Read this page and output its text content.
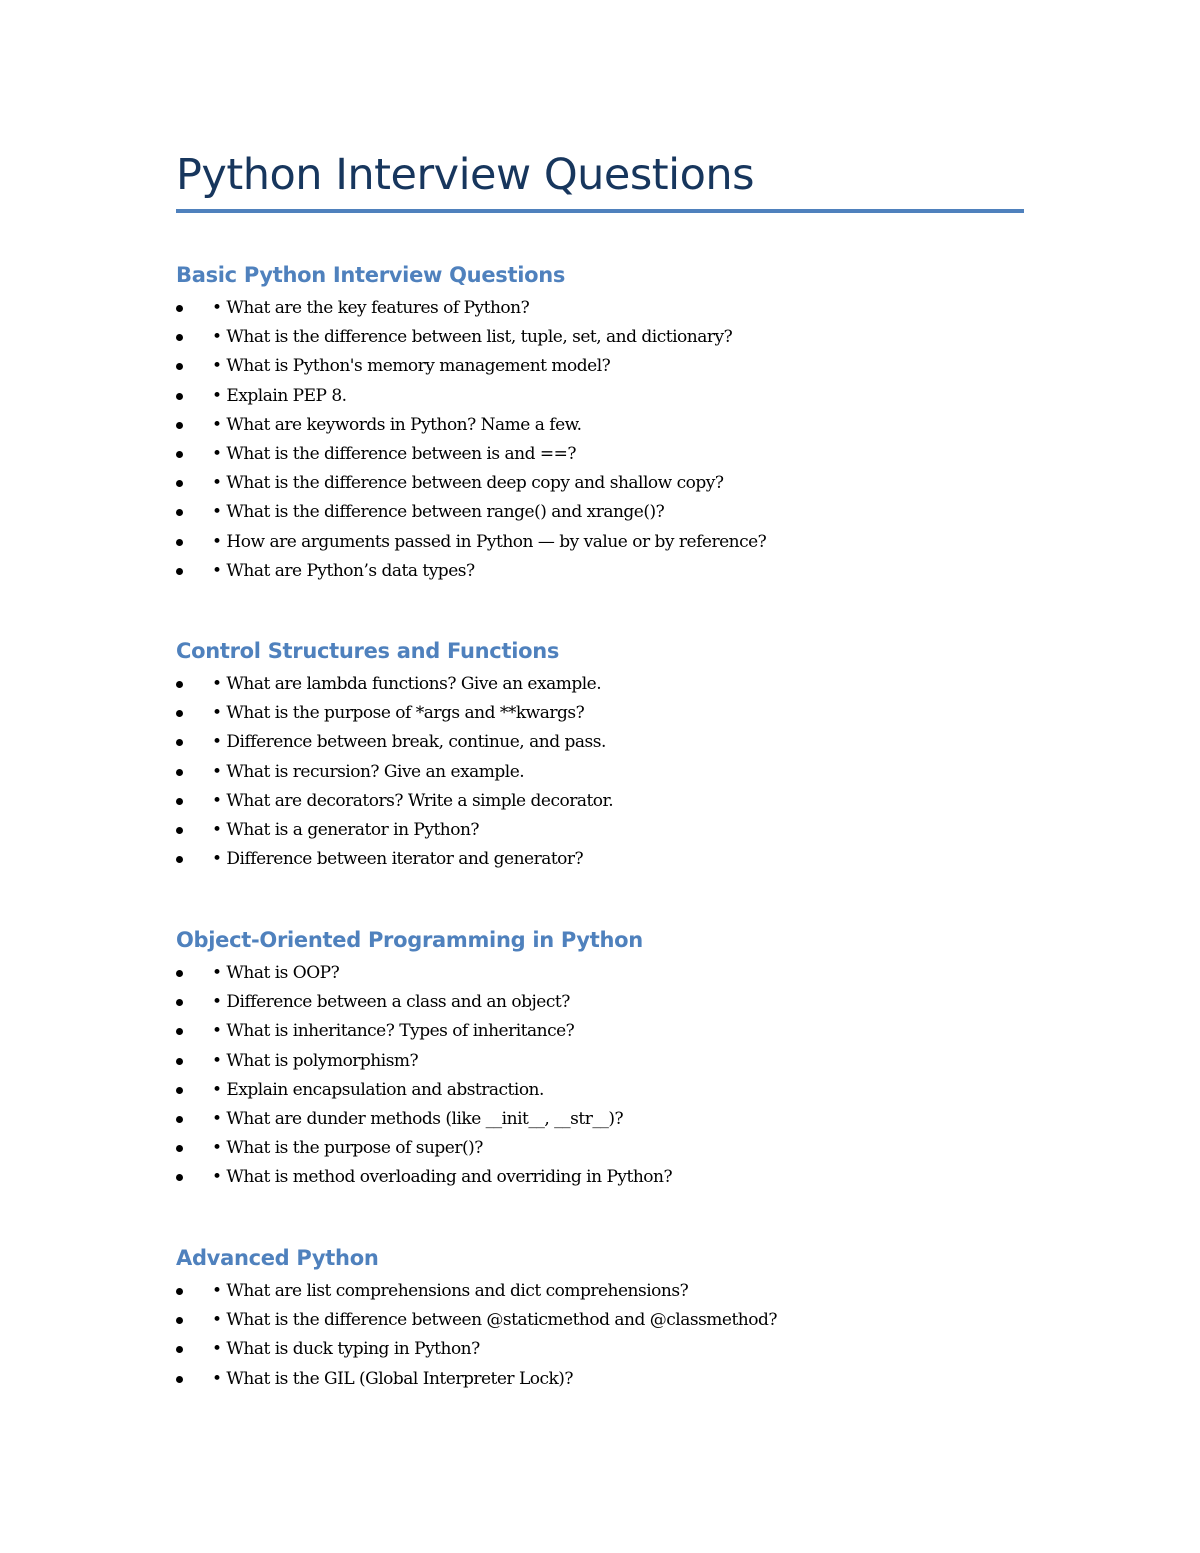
Python Interview Questions
Basic Python Interview Questions
• What are the key features of Python?
• What is the difference between list, tuple, set, and dictionary?
• What is Python's memory management model?
• Explain PEP 8.
• What are keywords in Python? Name a few.
• What is the difference between is and ==?
• What is the difference between deep copy and shallow copy?
• What is the difference between range() and xrange()?
• How are arguments passed in Python — by value or by reference?
• What are Python’s data types?
Control Structures and Functions
• What are lambda functions? Give an example.
• What is the purpose of *args and **kwargs?
• Difference between break, continue, and pass.
• What is recursion? Give an example.
• What are decorators? Write a simple decorator.
• What is a generator in Python?
• Difference between iterator and generator?
Object-Oriented Programming in Python
• What is OOP?
• Difference between a class and an object?
• What is inheritance? Types of inheritance?
• What is polymorphism?
• Explain encapsulation and abstraction.
• What are dunder methods (like __init__, __str__)?
• What is the purpose of super()?
• What is method overloading and overriding in Python?
Advanced Python
• What are list comprehensions and dict comprehensions?
• What is the difference between @staticmethod and @classmethod?
• What is duck typing in Python?
• What is the GIL (Global Interpreter Lock)?
